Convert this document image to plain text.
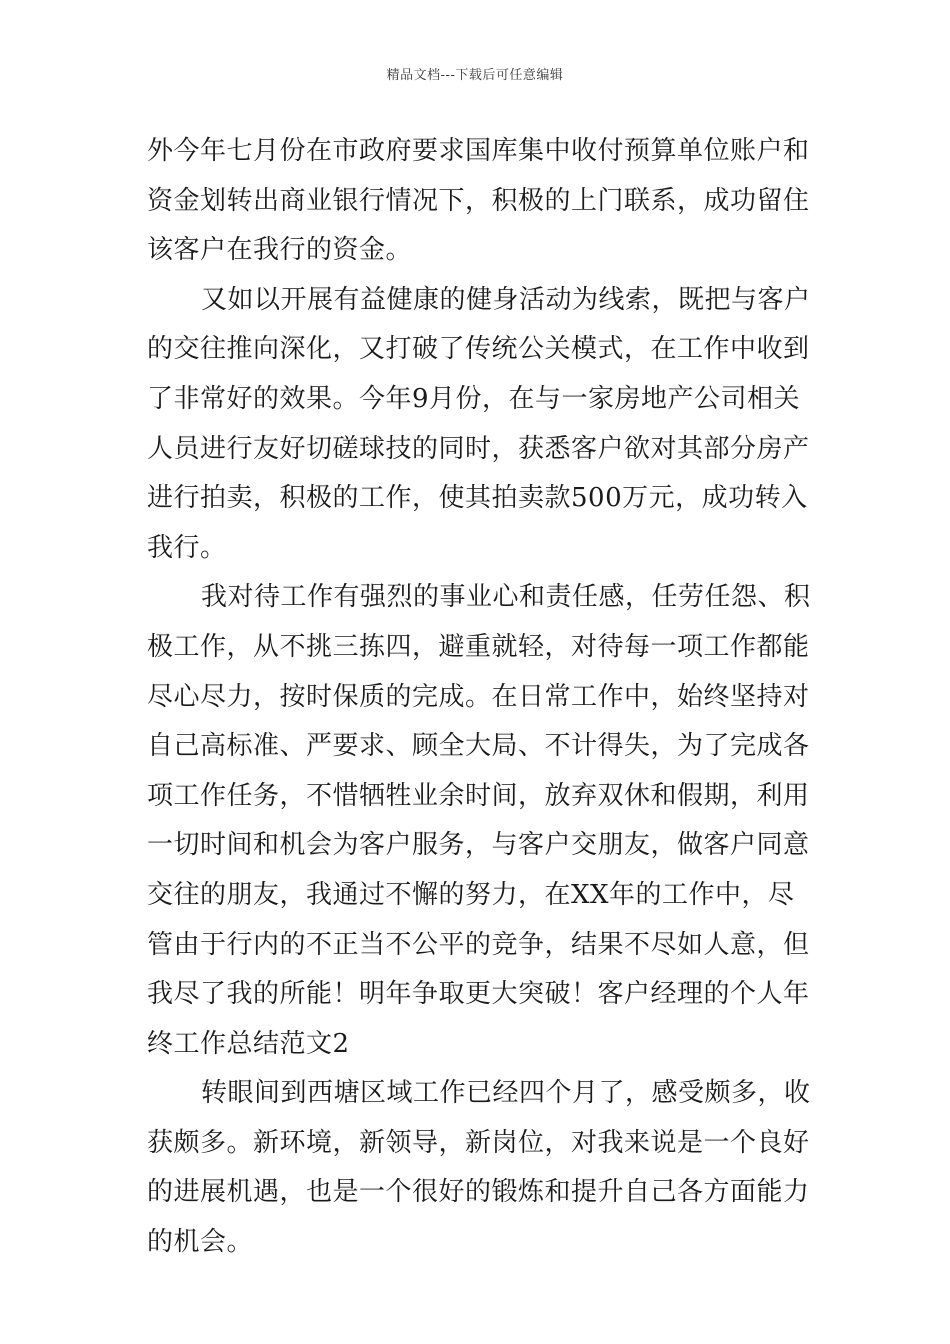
精品文档---下载后可任意编辑

外今年七月份在市政府要求国库集中收付预算单位账户和资金划转出商业银行情况下，积极的上门联系，成功留住该客户在我行的资金。

又如以开展有益健康的健身活动为线索，既把与客户的交往推向深化，又打破了传统公关模式，在工作中收到了非常好的效果。今年9月份，在与一家房地产公司相关人员进行友好切磋球技的同时，获悉客户欲对其部分房产进行拍卖，积极的工作，使其拍卖款500万元，成功转入我行。

我对待工作有强烈的事业心和责任感，任劳任怨、积极工作，从不挑三拣四，避重就轻，对待每一项工作都能尽心尽力，按时保质的完成。在日常工作中，始终坚持对自己高标准、严要求、顾全大局、不计得失，为了完成各项工作任务，不惜牺牲业余时间，放弃双休和假期，利用一切时间和机会为客户服务，与客户交朋友，做客户同意交往的朋友，我通过不懈的努力，在XX年的工作中，尽管由于行内的不正当不公平的竞争，结果不尽如人意，但我尽了我的所能！明年争取更大突破！客户经理的个人年终工作总结范文2

转眼间到西塘区域工作已经四个月了，感受颇多，收获颇多。新环境，新领导，新岗位，对我来说是一个良好的进展机遇，也是一个很好的锻炼和提升自己各方面能力的机会。
